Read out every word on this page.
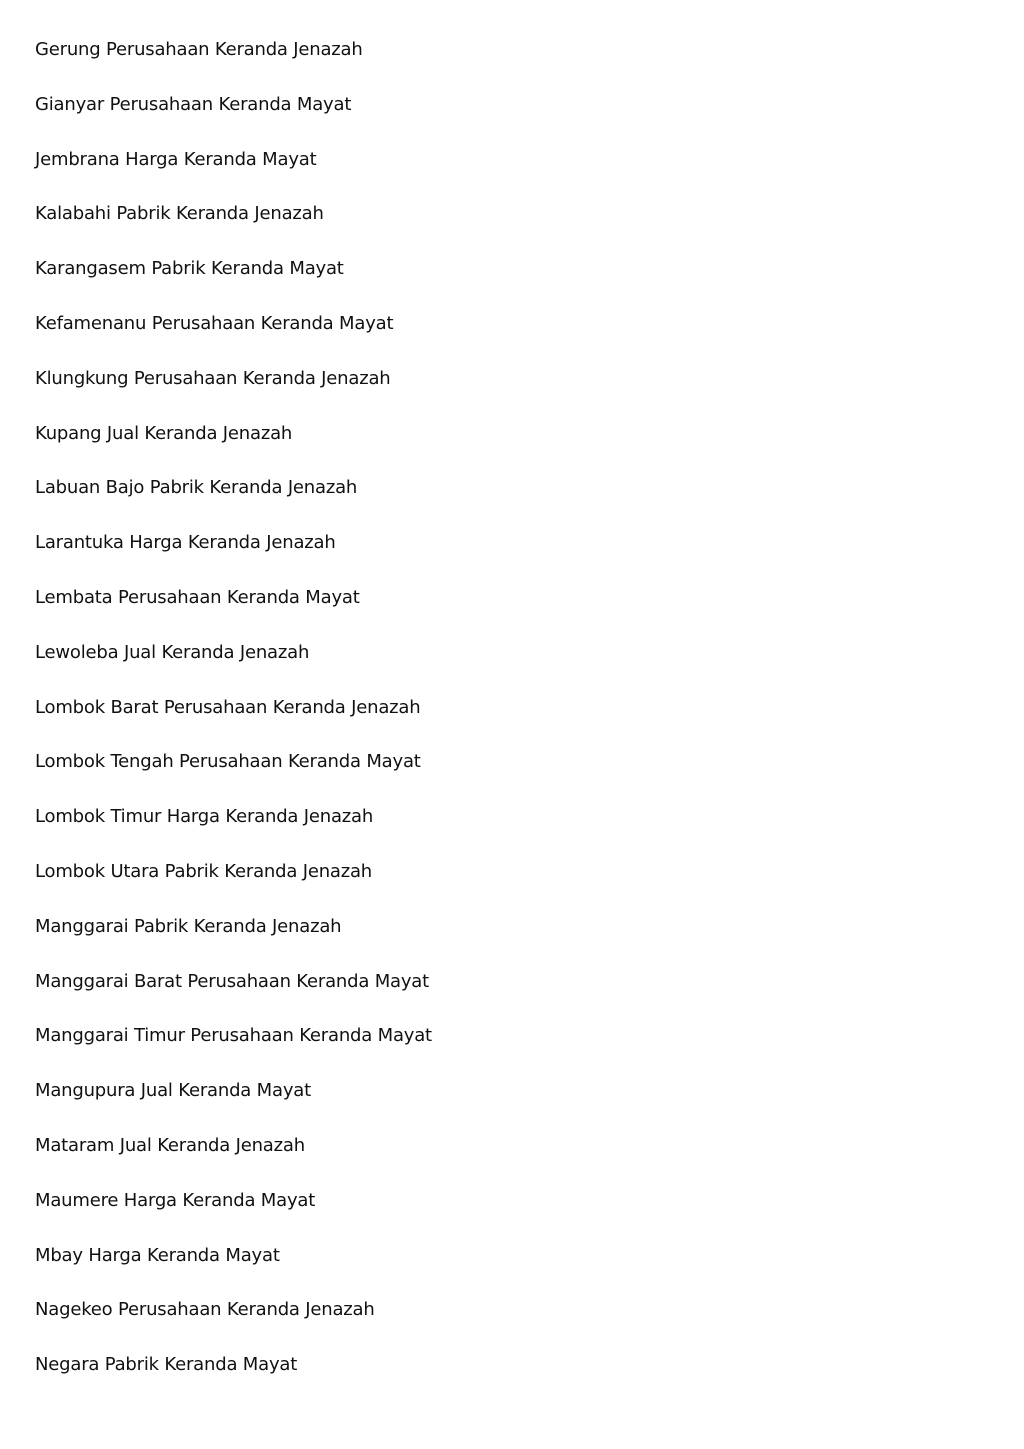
Gerung Perusahaan Keranda Jenazah
Gianyar Perusahaan Keranda Mayat
Jembrana Harga Keranda Mayat
Kalabahi Pabrik Keranda Jenazah
Karangasem Pabrik Keranda Mayat
Kefamenanu Perusahaan Keranda Mayat
Klungkung Perusahaan Keranda Jenazah
Kupang Jual Keranda Jenazah
Labuan Bajo Pabrik Keranda Jenazah
Larantuka Harga Keranda Jenazah
Lembata Perusahaan Keranda Mayat
Lewoleba Jual Keranda Jenazah
Lombok Barat Perusahaan Keranda Jenazah
Lombok Tengah Perusahaan Keranda Mayat
Lombok Timur Harga Keranda Jenazah
Lombok Utara Pabrik Keranda Jenazah
Manggarai Pabrik Keranda Jenazah
Manggarai Barat Perusahaan Keranda Mayat
Manggarai Timur Perusahaan Keranda Mayat
Mangupura Jual Keranda Mayat
Mataram Jual Keranda Jenazah
Maumere Harga Keranda Mayat
Mbay Harga Keranda Mayat
Nagekeo Perusahaan Keranda Jenazah
Negara Pabrik Keranda Mayat
